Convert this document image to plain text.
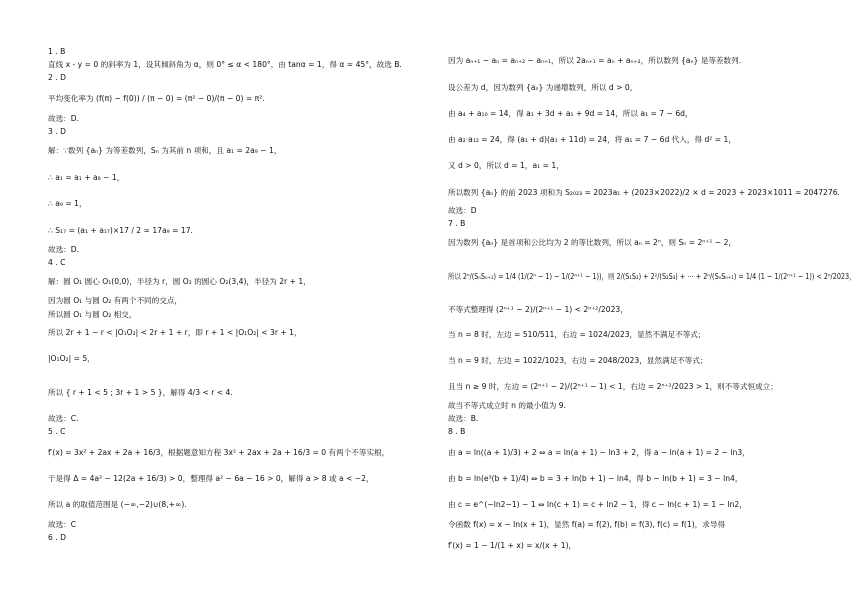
1 . B
直线 x - y = 0 的斜率为 1，设其倾斜角为 α，则 0° ≤ α < 180°，由 tanα = 1，得 α = 45°，故选 B.
2 . D
平均变化率为 (f(π) − f(0)) / (π − 0) = (π² − 0)/(π − 0) = π².
故选：D.
3 . D
解：∵数列 {aₙ} 为等差数列，Sₙ 为其前 n 项和，且 a₁ = 2a₉ − 1，
∴ a₁ = a₁ + a₈ − 1，
∴ a₉ = 1，
∴ S₁₇ = (a₁ + a₁₇)×17 / 2 = 17a₉ = 17.
故选：D.
4 . C
解：圆 O₁ 圆心 O₁(0,0)，半径为 r，圆 O₂ 的圆心 O₂(3,4)，半径为 2r + 1，
因为圆 O₁ 与圆 O₂ 有两个不同的交点，
所以圆 O₁ 与圆 O₂ 相交，
所以 2r + 1 − r < |O₁O₂| < 2r + 1 + r，即 r + 1 < |O₁O₂| < 3r + 1，
|O₁O₂| = 5，
所以 { r + 1 < 5 ; 3r + 1 > 5 }，解得 4/3 < r < 4.
故选：C.
5 . C
f′(x) = 3x² + 2ax + 2a + 16/3，根据题意知方程 3x² + 2ax + 2a + 16/3 = 0 有两个不等实根，
于是得 Δ = 4a² − 12(2a + 16/3) > 0，整理得 a² − 6a − 16 > 0，解得 a > 8 或 a < −2，
所以 a 的取值范围是 (−∞,−2)∪(8,+∞).
故选：C
6 . D
因为 aₙ₊₁ − aₙ = aₙ₊₂ − aₙ₊₁，所以 2aₙ₊₁ = aₙ + aₙ₊₂，所以数列 {aₙ} 是等差数列.
设公差为 d，因为数列 {aₙ} 为递增数列，所以 d > 0，
由 a₄ + a₁₀ = 14，得 a₁ + 3d + a₁ + 9d = 14，所以 a₁ = 7 − 6d，
由 a₂·a₁₂ = 24，得 (a₁ + d)(a₁ + 11d) = 24，将 a₁ = 7 − 6d 代入，得 d² = 1，
又 d > 0，所以 d = 1，a₁ = 1，
所以数列 {aₙ} 的前 2023 项和为 S₂₀₂₃ = 2023a₁ + (2023×2022)/2 × d = 2023 + 2023×1011 = 2047276.
故选：D
7 . B
因为数列 {aₙ} 是首项和公比均为 2 的等比数列，所以 aₙ = 2ⁿ，则 Sₙ = 2ⁿ⁺¹ − 2，
所以 2ⁿ/(SₙSₙ₊₁) = 1/4 (1/(2ⁿ − 1) − 1/(2ⁿ⁺¹ − 1))，则 2/(S₁S₂) + 2²/(S₂S₃) + ⋯ + 2ⁿ/(SₙSₙ₊₁) = 1/4 (1 − 1/(2ⁿ⁺¹ − 1)) < 2ⁿ/2023，
不等式整理得 (2ⁿ⁺¹ − 2)/(2ⁿ⁺¹ − 1) < 2ⁿ⁺²/2023，
当 n = 8 时，左边 = 510/511，右边 = 1024/2023，显然不满足不等式；
当 n = 9 时，左边 = 1022/1023，右边 = 2048/2023，显然满足不等式；
且当 n ≥ 9 时，左边 = (2ⁿ⁺¹ − 2)/(2ⁿ⁺¹ − 1) < 1，右边 = 2ⁿ⁺²/2023 > 1，则不等式恒成立；
故当不等式成立时 n 的最小值为 9.
故选：B.
8 . B
由 a = ln((a + 1)/3) + 2 ⇔ a = ln(a + 1) − ln3 + 2，得 a − ln(a + 1) = 2 − ln3，
由 b = ln(e³(b + 1)/4) ⇔ b = 3 + ln(b + 1) − ln4，得 b − ln(b + 1) = 3 − ln4，
由 c = e^(−ln2−1) − 1 ⇔ ln(c + 1) = c + ln2 − 1，得 c − ln(c + 1) = 1 − ln2，
令函数 f(x) = x − ln(x + 1)，显然 f(a) = f(2), f(b) = f(3), f(c) = f(1)，求导得
f′(x) = 1 − 1/(1 + x) = x/(x + 1)，
